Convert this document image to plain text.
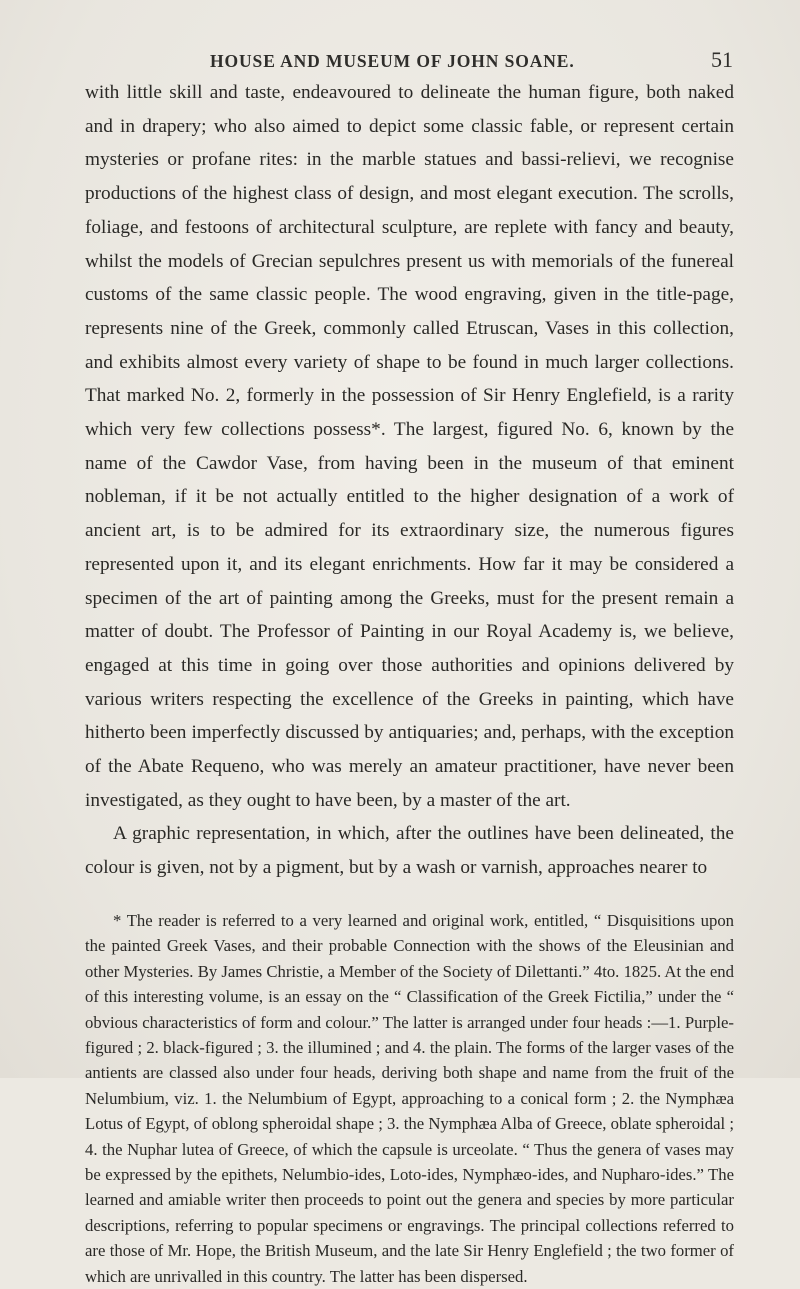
HOUSE AND MUSEUM OF JOHN SOANE.	51

with little skill and taste, endeavoured to delineate the human figure, both naked and in drapery; who also aimed to depict some classic fable, or represent certain mysteries or profane rites: in the marble statues and bassi-relievi, we recognise productions of the highest class of design, and most elegant execution. The scrolls, foliage, and festoons of architectural sculpture, are replete with fancy and beauty, whilst the models of Grecian sepulchres present us with memorials of the funereal customs of the same classic people. The wood engraving, given in the title-page, represents nine of the Greek, commonly called Etruscan, Vases in this collection, and exhibits almost every variety of shape to be found in much larger collections. That marked No. 2, formerly in the possession of Sir Henry Englefield, is a rarity which very few collections possess*. The largest, figured No. 6, known by the name of the Cawdor Vase, from having been in the museum of that eminent nobleman, if it be not actually entitled to the higher designation of a work of ancient art, is to be admired for its extraordinary size, the numerous figures represented upon it, and its elegant enrichments. How far it may be considered a specimen of the art of painting among the Greeks, must for the present remain a matter of doubt. The Professor of Painting in our Royal Academy is, we believe, engaged at this time in going over those authorities and opinions delivered by various writers respecting the excellence of the Greeks in painting, which have hitherto been imperfectly discussed by antiquaries; and, perhaps, with the exception of the Abate Requeno, who was merely an amateur practitioner, have never been investigated, as they ought to have been, by a master of the art.

A graphic representation, in which, after the outlines have been delineated, the colour is given, not by a pigment, but by a wash or varnish, approaches nearer to

* The reader is referred to a very learned and original work, entitled, “ Disquisitions upon the painted Greek Vases, and their probable Connection with the shows of the Eleusinian and other Mysteries. By James Christie, a Member of the Society of Dilettanti.” 4to. 1825. At the end of this interesting volume, is an essay on the “ Classification of the Greek Fictilia,” under the “ obvious characteristics of form and colour.” The latter is arranged under four heads :—1. Purple-figured ; 2. black-figured ; 3. the illumined ; and 4. the plain. The forms of the larger vases of the antients are classed also under four heads, deriving both shape and name from the fruit of the Nelumbium, viz. 1. the Nelumbium of Egypt, approaching to a conical form ; 2. the Nymphæa Lotus of Egypt, of oblong spheroidal shape ; 3. the Nymphæa Alba of Greece, oblate spheroidal ; 4. the Nuphar lutea of Greece, of which the capsule is urceolate. “ Thus the genera of vases may be expressed by the epithets, Nelumbio-ides, Loto-ides, Nymphæo-ides, and Nupharo-ides.” The learned and amiable writer then proceeds to point out the genera and species by more particular descriptions, referring to popular specimens or engravings. The principal collections referred to are those of Mr. Hope, the British Museum, and the late Sir Henry Englefield ; the two former of which are unrivalled in this country. The latter has been dispersed.
